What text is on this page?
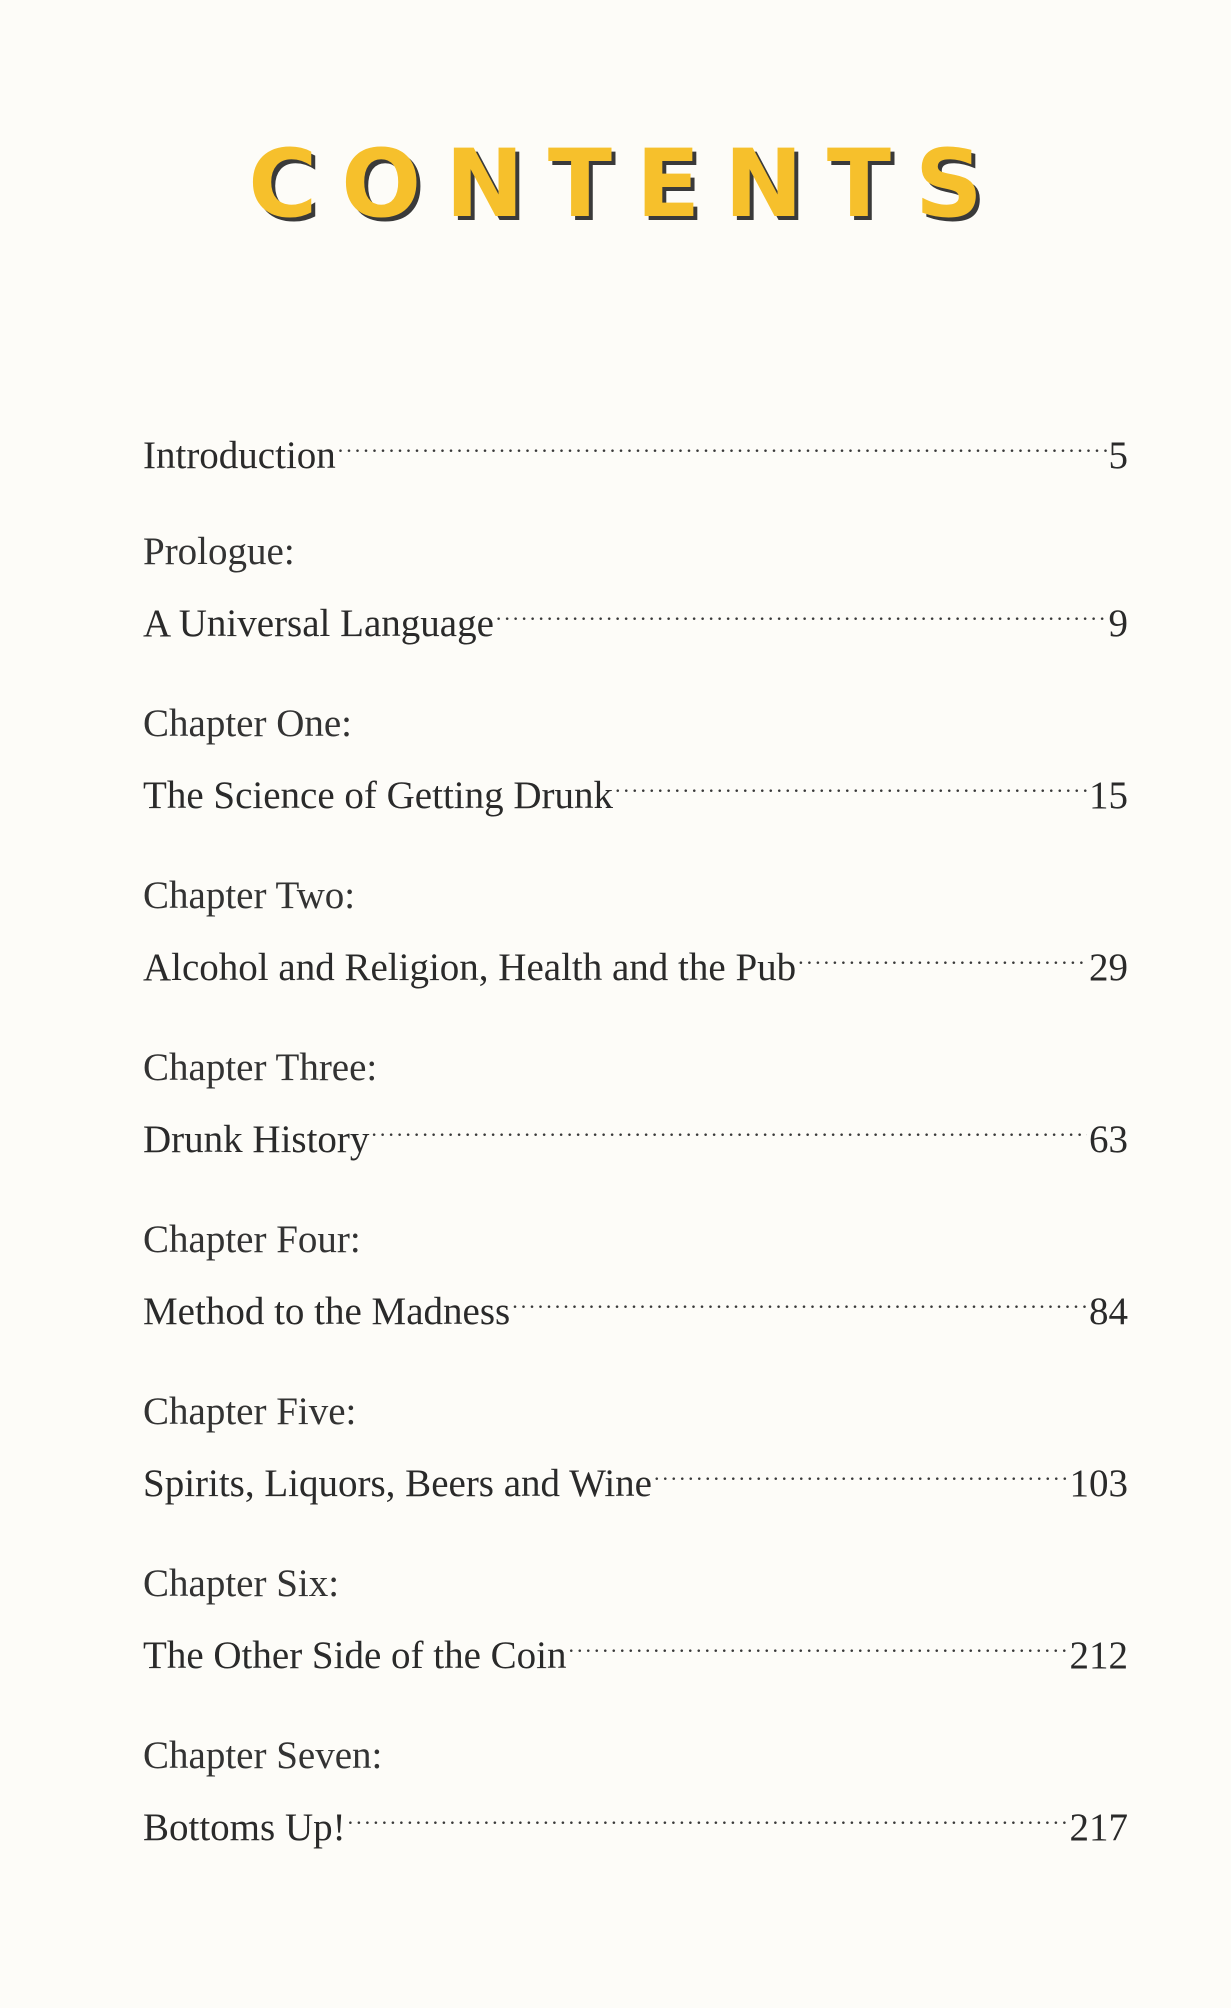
CONTENTS
Introduction .....	5
Prologue:
A Universal Language .....	9
Chapter One:
The Science of Getting Drunk .....	15
Chapter Two:
Alcohol and Religion, Health and the Pub .....	29
Chapter Three:
Drunk History .....	63
Chapter Four:
Method to the Madness .....	84
Chapter Five:
Spirits, Liquors, Beers and Wine .....	103
Chapter Six:
The Other Side of the Coin .....	212
Chapter Seven:
Bottoms Up! .....	217
